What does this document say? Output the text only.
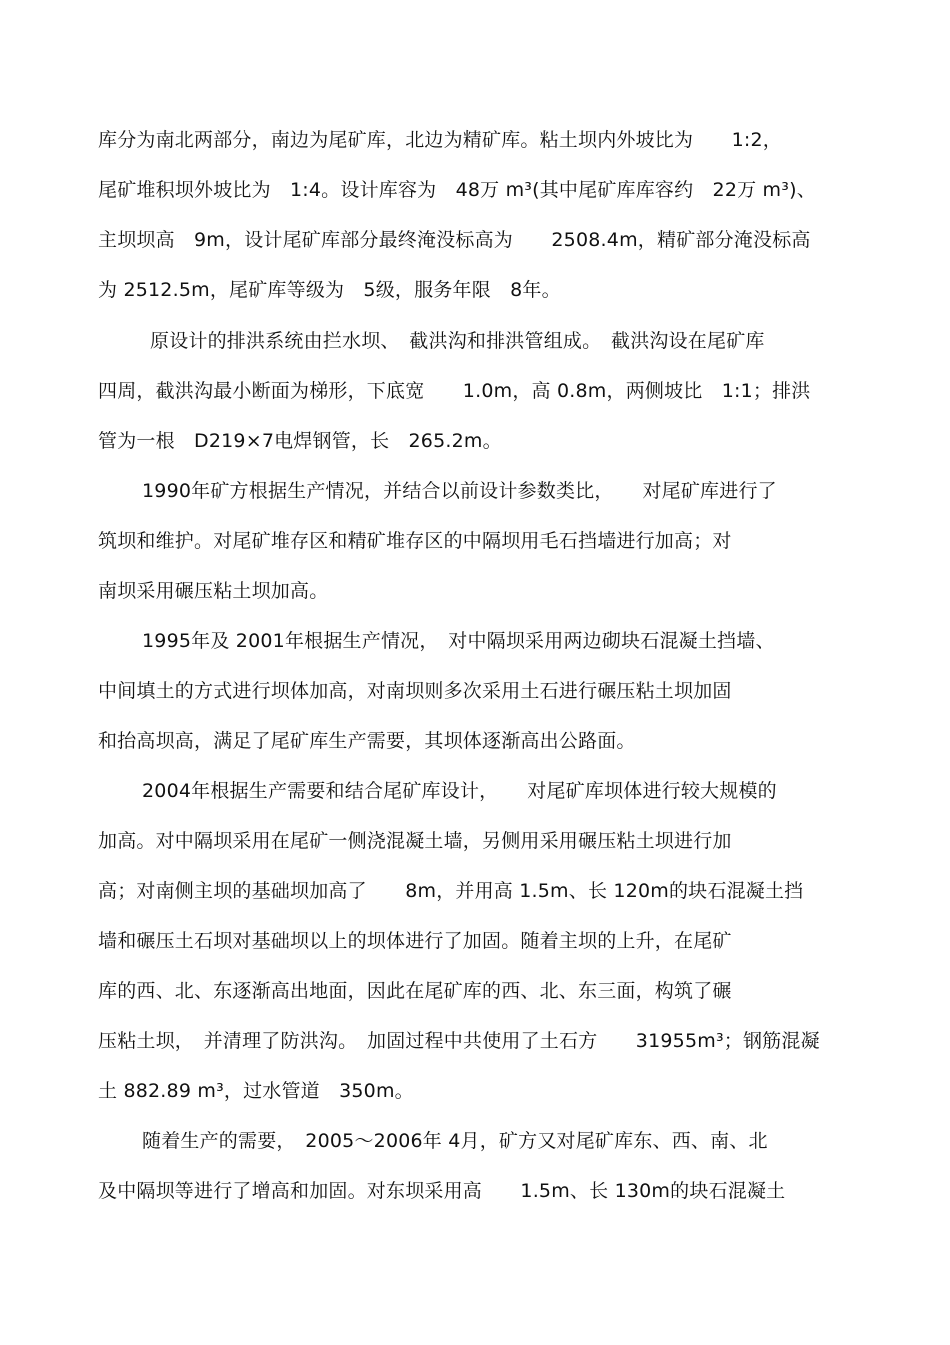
库分为南北两部分，南边为尾矿库，北边为精矿库。粘土坝内外坡比为　　1:2，
尾矿堆积坝外坡比为　1:4。设计库容为　48万 m³(其中尾矿库库容约　22万 m³)、
主坝坝高　9m，设计尾矿库部分最终淹没标高为　　2508.4m，精矿部分淹没标高
为 2512.5m，尾矿库等级为　5级，服务年限　8年。
原设计的排洪系统由拦水坝、　截洪沟和排洪管组成。　截洪沟设在尾矿库
四周，截洪沟最小断面为梯形，下底宽　　1.0m，高 0.8m，两侧坡比　1:1；排洪
管为一根　D219×7电焊钢管，长　265.2m。
1990年矿方根据生产情况，并结合以前设计参数类比，　　对尾矿库进行了
筑坝和维护。对尾矿堆存区和精矿堆存区的中隔坝用毛石挡墙进行加高；对
南坝采用碾压粘土坝加高。
1995年及 2001年根据生产情况，　对中隔坝采用两边砌块石混凝土挡墙、
中间填土的方式进行坝体加高，对南坝则多次采用土石进行碾压粘土坝加固
和抬高坝高，满足了尾矿库生产需要，其坝体逐渐高出公路面。
2004年根据生产需要和结合尾矿库设计，　　对尾矿库坝体进行较大规模的
加高。对中隔坝采用在尾矿一侧浇混凝土墙，另侧用采用碾压粘土坝进行加
高；对南侧主坝的基础坝加高了　　8m，并用高 1.5m、长 120m的块石混凝土挡
墙和碾压土石坝对基础坝以上的坝体进行了加固。随着主坝的上升，在尾矿
库的西、北、东逐渐高出地面，因此在尾矿库的西、北、东三面，构筑了碾
压粘土坝，　并清理了防洪沟。　加固过程中共使用了土石方　　31955m³；钢筋混凝
土 882.89 m³，过水管道　350m。
随着生产的需要，　2005～2006年 4月，矿方又对尾矿库东、西、南、北
及中隔坝等进行了增高和加固。对东坝采用高　　1.5m、长 130m的块石混凝土
